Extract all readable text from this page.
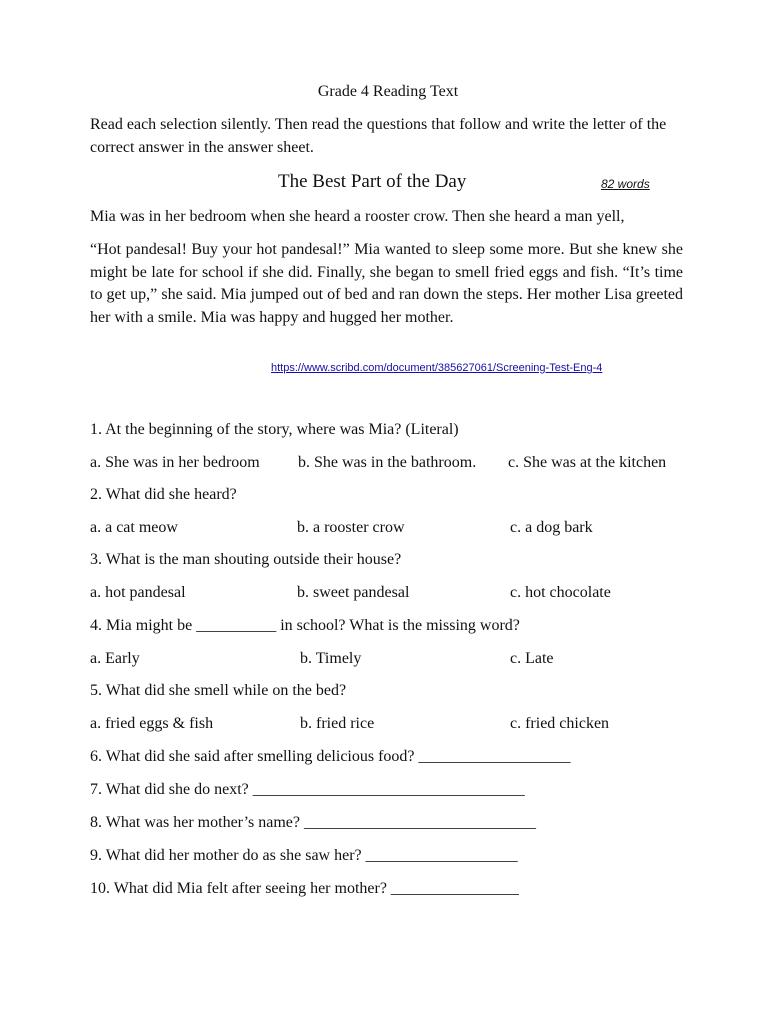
Grade 4 Reading Text
Read each selection silently. Then read the questions that follow and write the letter of the correct answer in the answer sheet.
The Best Part of the Day	82 words
Mia was in her bedroom when she heard a rooster crow. Then she heard a man yell,
“Hot pandesal! Buy your hot pandesal!” Mia wanted to sleep some more. But she knew she might be late for school if she did. Finally, she began to smell fried eggs and fish. “It’s time to get up,” she said. Mia jumped out of bed and ran down the steps. Her mother Lisa greeted her with a smile. Mia was happy and hugged her mother.
https://www.scribd.com/document/385627061/Screening-Test-Eng-4
1. At the beginning of the story, where was Mia? (Literal)
a. She was in her bedroom b. She was in the bathroom. c. She was at the kitchen
2. What did she heard?
a. a cat meow	b. a rooster crow	c. a dog bark
3. What is the man shouting outside their house?
a. hot pandesal	b. sweet pandesal	c. hot chocolate
4. Mia might be __________ in school? What is the missing word?
a. Early	b. Timely	c. Late
5. What did she smell while on the bed?
a. fried eggs & fish	b. fried rice	c. fried chicken
6. What did she said after smelling delicious food? ___________________
7. What did she do next? __________________________________
8. What was her mother’s name? _____________________________
9. What did her mother do as she saw her? ___________________
10. What did Mia felt after seeing her mother? ________________
